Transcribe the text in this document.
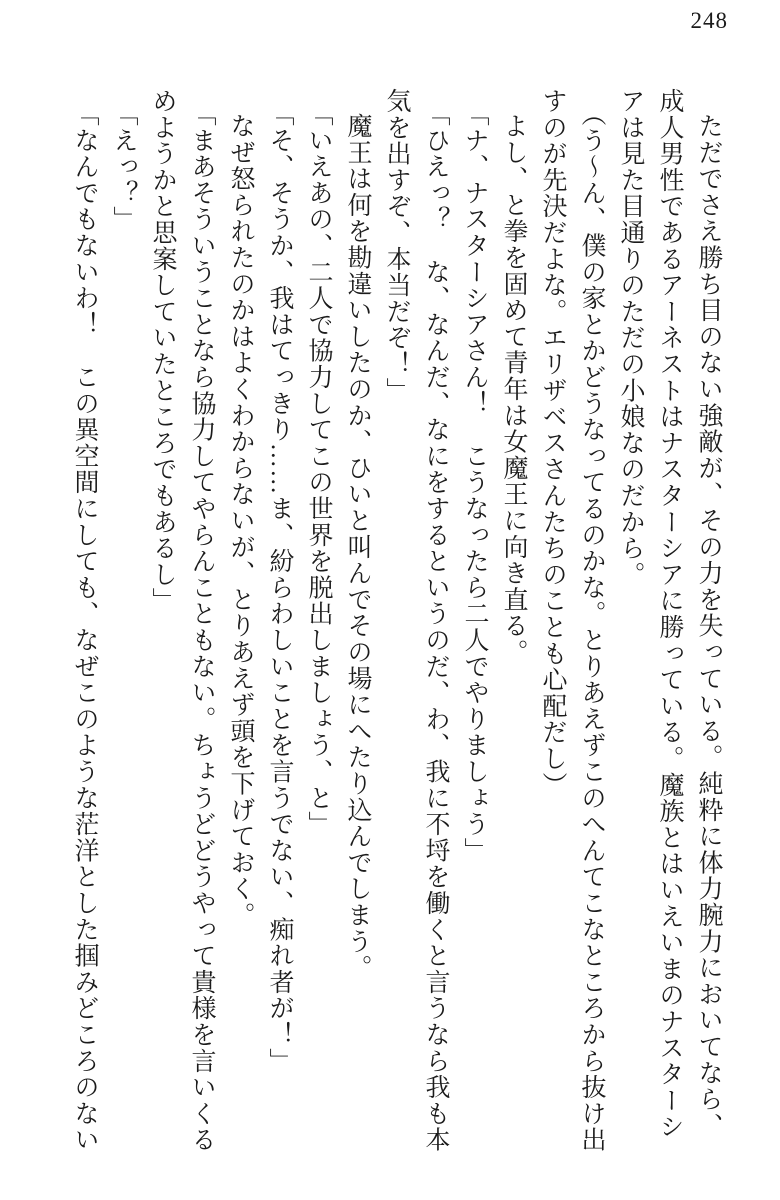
248

ただでさえ勝ち目のない強敵が、その力を失っている。純粋に体力腕力においてなら、成人男性であるアーネストはナスターシアに勝っている。魔族とはいえいまのナスターシアは見た目通りのただの小娘なのだから。

（う～ん、僕の家とかどうなってるのかな。とりあえずこのへんてこなところから抜け出すのが先決だよな。エリザベスさんたちのことも心配だし）

よし、と拳を固めて青年は女魔王に向き直る。

「ナ、ナスターシアさん！　こうなったら二人でやりましょう」

「ひえっ？　な、なんだ、なにをするというのだ、わ、我に不埒を働くと言うなら我も本気を出すぞ、本当だぞ！」

魔王は何を勘違いしたのか、ひいと叫んでその場にへたり込んでしまう。

「いえあの、二人で協力してこの世界を脱出しましょう、と」

「そ、そうか、我はてっきり……ま、紛らわしいことを言うでない、痴れ者が！」

なぜ怒られたのかはよくわからないが、とりあえず頭を下げておく。

「まあそういうことなら協力してやらんこともない。ちょうどどうやって貴様を言いくるめようかと思案していたところでもあるし」

「えっ？」

「なんでもないわ！　この異空間にしても、なぜこのような茫洋とした掴みどころのない
